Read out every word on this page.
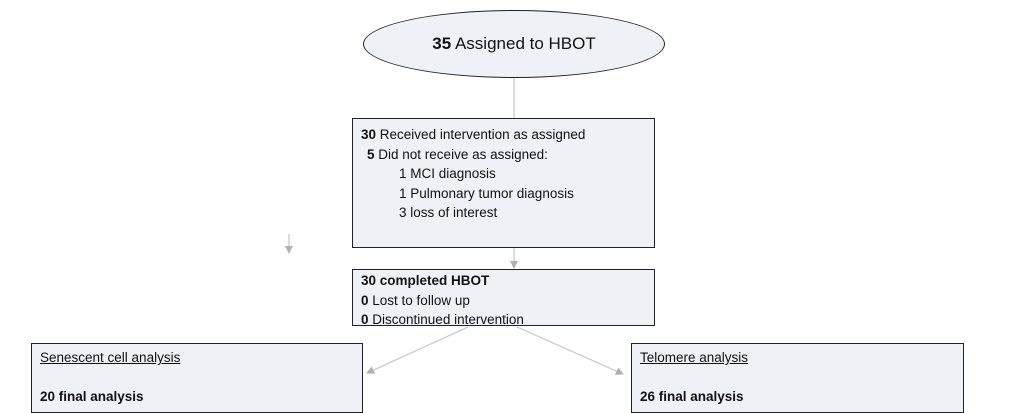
35 Assigned to HBOT
30 Received intervention as assigned
5 Did not receive as assigned:
1 MCI diagnosis
1 Pulmonary tumor diagnosis
3 loss of interest
30 completed HBOT
0 Lost to follow up
0 Discontinued intervention
Senescent cell analysis
20 final analysis
Telomere analysis
26 final analysis
